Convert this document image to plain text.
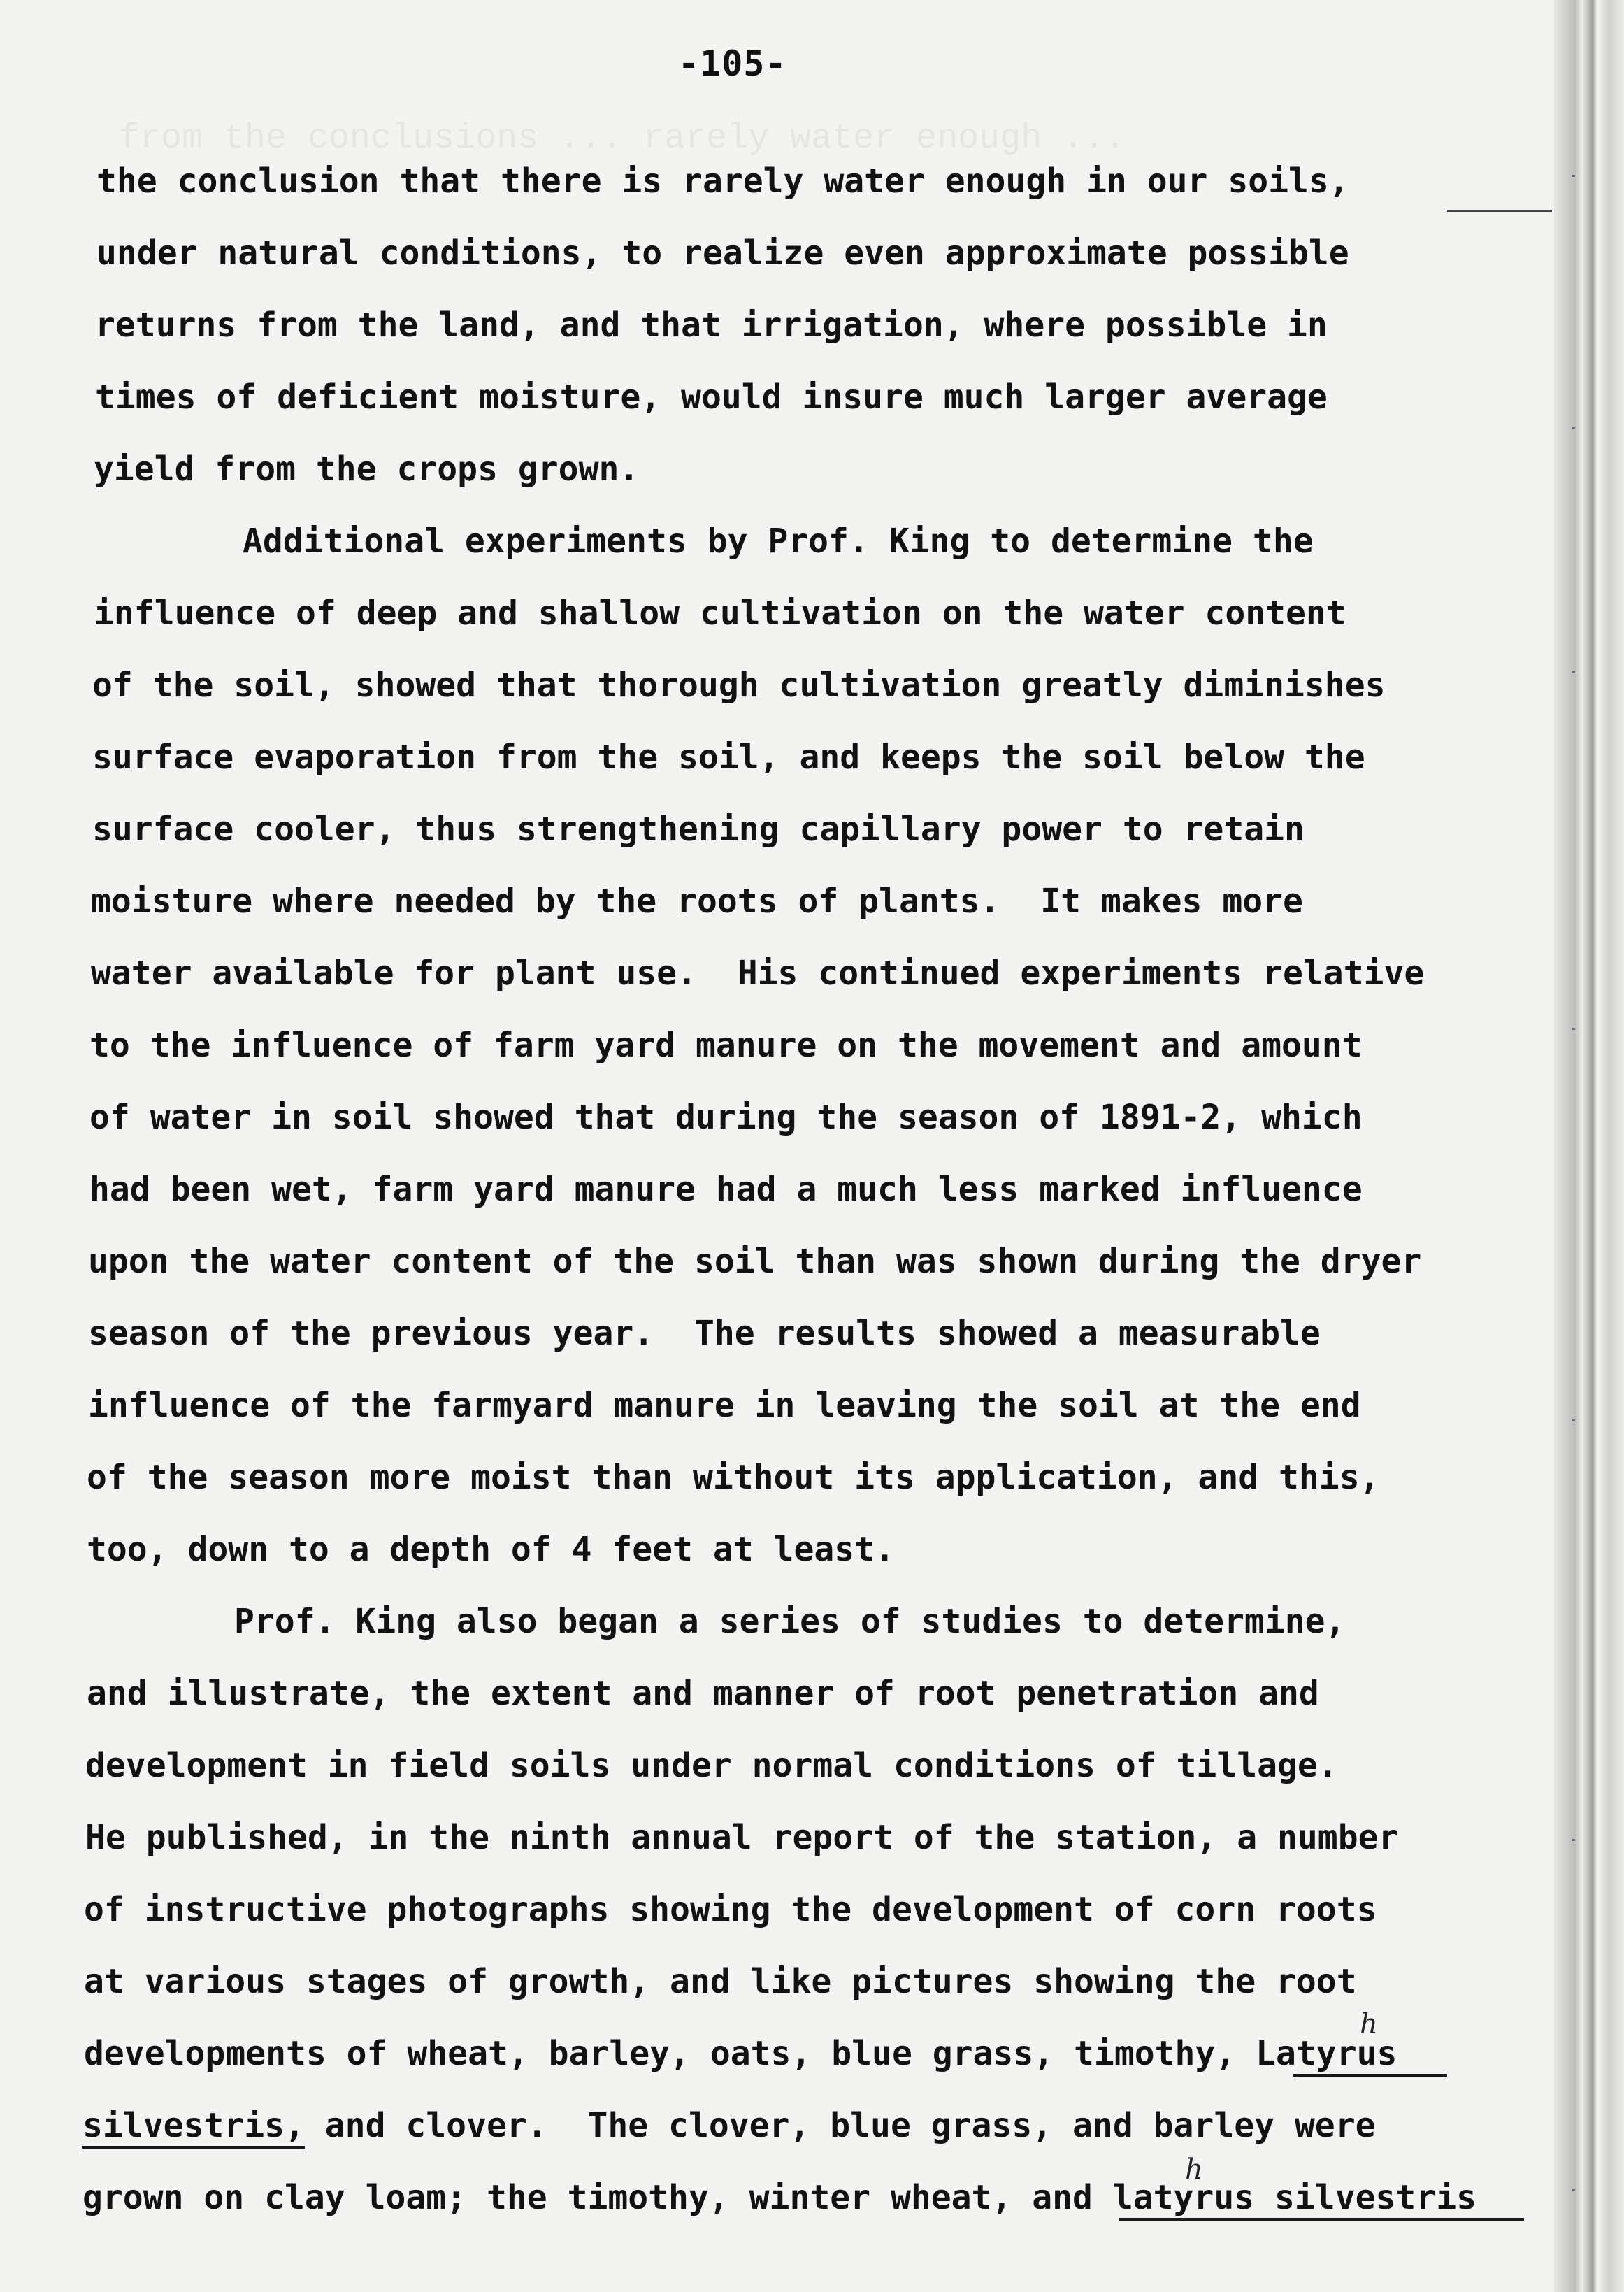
from the conclusions ... rarely water enough ...
-105-
the conclusion that there is rarely water enough in our soils,
under natural conditions, to realize even approximate possible
returns from the land, and that irrigation, where possible in
times of deficient moisture, would insure much larger average
yield from the crops grown.
Additional experiments by Prof. King to determine the
influence of deep and shallow cultivation on the water content
of the soil, showed that thorough cultivation greatly diminishes
surface evaporation from the soil, and keeps the soil below the
surface cooler, thus strengthening capillary power to retain
moisture where needed by the roots of plants.  It makes more
water available for plant use.  His continued experiments relative
to the influence of farm yard manure on the movement and amount
of water in soil showed that during the season of 1891-2, which
had been wet, farm yard manure had a much less marked influence
upon the water content of the soil than was shown during the dryer
season of the previous year.  The results showed a measurable
influence of the farmyard manure in leaving the soil at the end
of the season more moist than without its application, and this,
too, down to a depth of 4 feet at least.
Prof. King also began a series of studies to determine,
and illustrate, the extent and manner of root penetration and
development in field soils under normal conditions of tillage.
He published, in the ninth annual report of the station, a number
of instructive photographs showing the development of corn roots
at various stages of growth, and like pictures showing the root
developments of wheat, barley, oats, blue grass, timothy, Latyrus
silvestris, and clover.  The clover, blue grass, and barley were
grown on clay loam; the timothy, winter wheat, and latyrus silvestris
h
h
